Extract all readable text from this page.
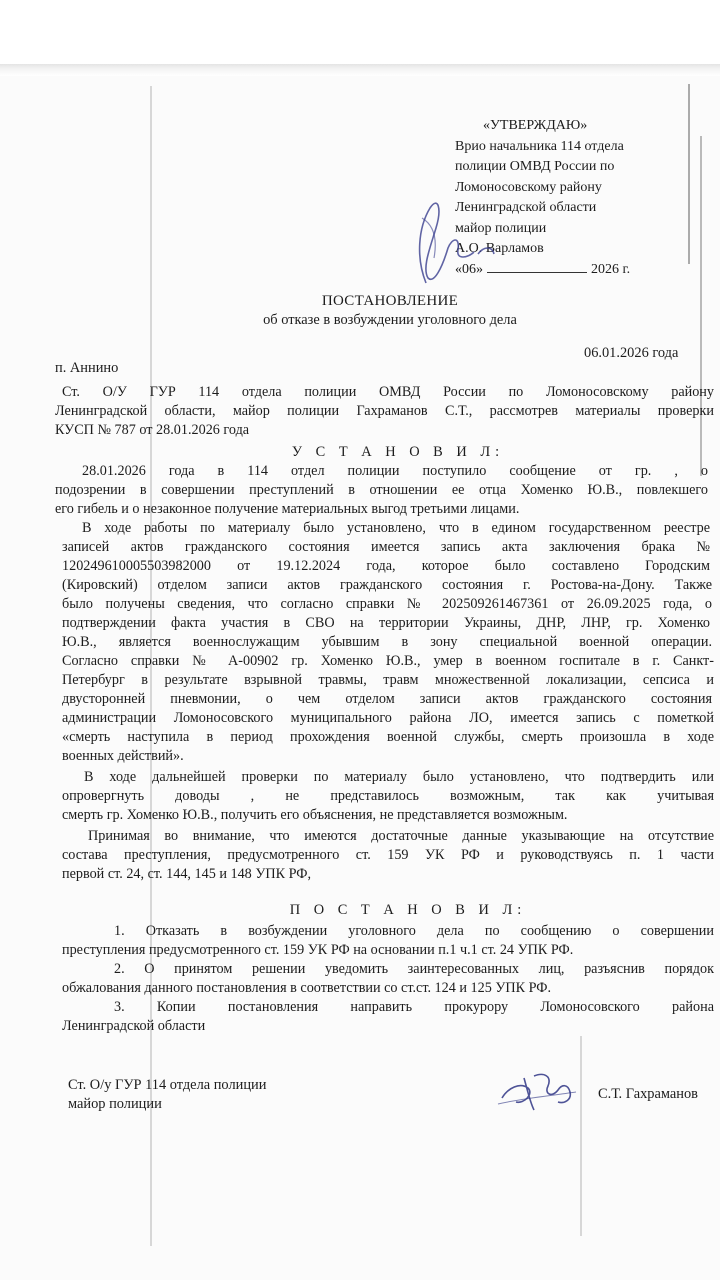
«УТВЕРЖДАЮ»
Врио начальника 114 отдела
полиции ОМВД России по
Ломоносовскому району
Ленинградской области
майор полиции
А.О. Варламов
«06»	2026 г.
ПОСТАНОВЛЕНИЕ
об отказе в возбуждении уголовного дела
п. Аннино
06.01.2026 года
Ст. О/У ГУР 114 отдела полиции ОМВД России по Ломоносовскому району
Ленинградской области, майор полиции Гахраманов С.Т., рассмотрев материалы проверки
КУСП № 787 от 28.01.2026 года
У С Т А Н О В И Л:
28.01.2026 года в 114 отдел полиции поступило сообщение от гр. , о
подозрении в совершении преступлений в отношении ее отца Хоменко Ю.В., повлекшего
его гибель и о незаконное получение материальных выгод третьими лицами.
В ходе работы по материалу было установлено, что в едином государственном реестре
записей актов гражданского состояния имеется запись акта заключения брака №
120249610005503982000 от 19.12.2024 года, которое было составлено Городским
(Кировский) отделом записи актов гражданского состояния г. Ростова-на-Дону. Также
было получены сведения, что согласно справки № 202509261467361 от 26.09.2025 года, о
подтверждении факта участия в СВО на территории Украины, ДНР, ЛНР, гр. Хоменко
Ю.В., является военнослужащим убывшим в зону специальной военной операции.
Согласно справки № А-00902 гр. Хоменко Ю.В., умер в военном госпитале в г. Санкт-
Петербург в результате взрывной травмы, травм множественной локализации, сепсиса и
двусторонней пневмонии, о чем отделом записи актов гражданского состояния
администрации Ломоносовского муниципального района ЛО, имеется запись с пометкой
«смерть наступила в период прохождения военной службы, смерть произошла в ходе
военных действий».
В ходе дальнейшей проверки по материалу было установлено, что подтвердить или
опровергнуть доводы , не представилось возможным, так как учитывая
смерть гр. Хоменко Ю.В., получить его объяснения, не представляется возможным.
Принимая во внимание, что имеются достаточные данные указывающие на отсутствие
состава преступления, предусмотренного ст. 159 УК РФ и руководствуясь п. 1 части
первой ст. 24, ст. 144, 145 и 148 УПК РФ,
П О С Т А Н О В И Л:
1. Отказать в возбуждении уголовного дела по сообщению о совершении
преступления предусмотренного ст. 159 УК РФ на основании п.1 ч.1 ст. 24 УПК РФ.
2. О принятом решении уведомить заинтересованных лиц, разъяснив порядок
обжалования данного постановления в соответствии со ст.ст. 124 и 125 УПК РФ.
3. Копии постановления направить прокурору Ломоносовского района
Ленинградской области
Ст. О/у ГУР 114 отдела полиции
майор полиции
С.Т. Гахраманов
